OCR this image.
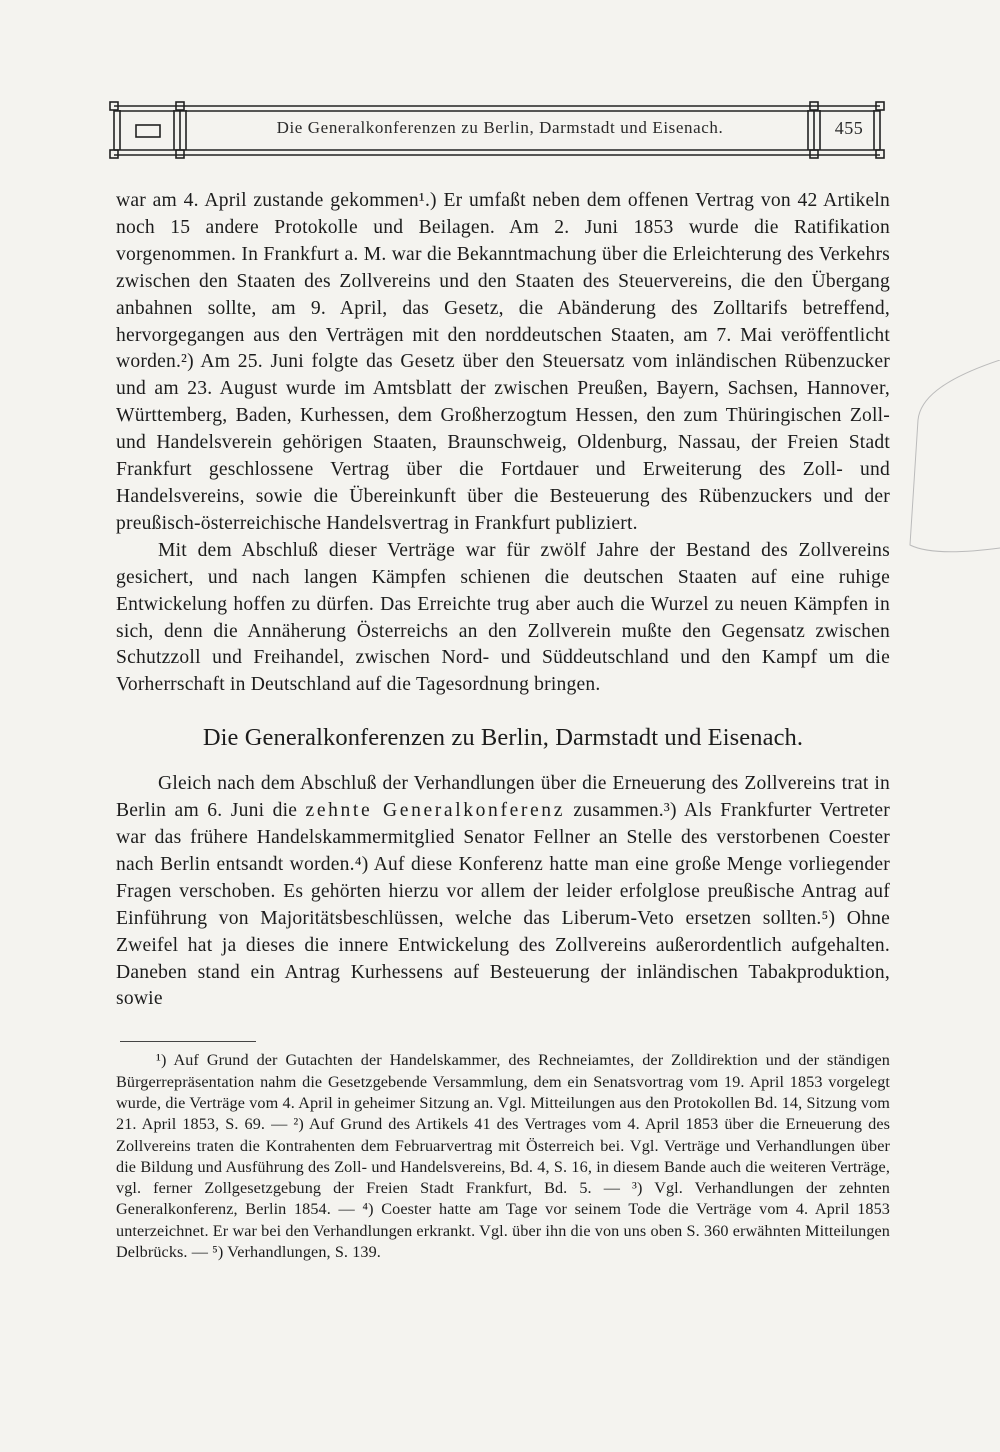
Die Generalkonferenzen zu Berlin, Darmstadt und Eisenach.	455

war am 4. April zustande gekommen¹.) Er umfaßt neben dem offenen Vertrag von 42 Artikeln noch 15 andere Protokolle und Beilagen. Am 2. Juni 1853 wurde die Ratifikation vorgenommen. In Frankfurt a. M. war die Bekanntmachung über die Erleichterung des Verkehrs zwischen den Staaten des Zollvereins und den Staaten des Steuervereins, die den Übergang anbahnen sollte, am 9. April, das Gesetz, die Abänderung des Zolltarifs betreffend, hervorgegangen aus den Verträgen mit den norddeutschen Staaten, am 7. Mai veröffentlicht worden.²) Am 25. Juni folgte das Gesetz über den Steuersatz vom inländischen Rübenzucker und am 23. August wurde im Amtsblatt der zwischen Preußen, Bayern, Sachsen, Hannover, Württemberg, Baden, Kurhessen, dem Großherzogtum Hessen, den zum Thüringischen Zoll- und Handelsverein gehörigen Staaten, Braunschweig, Oldenburg, Nassau, der Freien Stadt Frankfurt geschlossene Vertrag über die Fortdauer und Erweiterung des Zoll- und Handelsvereins, sowie die Übereinkunft über die Besteuerung des Rübenzuckers und der preußisch-österreichische Handelsvertrag in Frankfurt publiziert.

Mit dem Abschluß dieser Verträge war für zwölf Jahre der Bestand des Zollvereins gesichert, und nach langen Kämpfen schienen die deutschen Staaten auf eine ruhige Entwickelung hoffen zu dürfen. Das Erreichte trug aber auch die Wurzel zu neuen Kämpfen in sich, denn die Annäherung Österreichs an den Zollverein mußte den Gegensatz zwischen Schutzzoll und Freihandel, zwischen Nord- und Süddeutschland und den Kampf um die Vorherrschaft in Deutschland auf die Tagesordnung bringen.

Die Generalkonferenzen zu Berlin, Darmstadt und Eisenach.

Gleich nach dem Abschluß der Verhandlungen über die Erneuerung des Zollvereins trat in Berlin am 6. Juni die zehnte Generalkonferenz zusammen.³) Als Frankfurter Vertreter war das frühere Handelskammermitglied Senator Fellner an Stelle des verstorbenen Coester nach Berlin entsandt worden.⁴) Auf diese Konferenz hatte man eine große Menge vorliegender Fragen verschoben. Es gehörten hierzu vor allem der leider erfolglose preußische Antrag auf Einführung von Majoritätsbeschlüssen, welche das Liberum-Veto ersetzen sollten.⁵) Ohne Zweifel hat ja dieses die innere Entwickelung des Zollvereins außerordentlich aufgehalten. Daneben stand ein Antrag Kurhessens auf Besteuerung der inländischen Tabakproduktion, sowie

¹) Auf Grund der Gutachten der Handelskammer, des Rechneiamtes, der Zolldirektion und der ständigen Bürgerrepräsentation nahm die Gesetzgebende Versammlung, dem ein Senatsvortrag vom 19. April 1853 vorgelegt wurde, die Verträge vom 4. April in geheimer Sitzung an. Vgl. Mitteilungen aus den Protokollen Bd. 14, Sitzung vom 21. April 1853, S. 69. — ²) Auf Grund des Artikels 41 des Vertrages vom 4. April 1853 über die Erneuerung des Zollvereins traten die Kontrahenten dem Februarvertrag mit Österreich bei. Vgl. Verträge und Verhandlungen über die Bildung und Ausführung des Zoll- und Handelsvereins, Bd. 4, S. 16, in diesem Bande auch die weiteren Verträge, vgl. ferner Zollgesetzgebung der Freien Stadt Frankfurt, Bd. 5. — ³) Vgl. Verhandlungen der zehnten Generalkonferenz, Berlin 1854. — ⁴) Coester hatte am Tage vor seinem Tode die Verträge vom 4. April 1853 unterzeichnet. Er war bei den Verhandlungen erkrankt. Vgl. über ihn die von uns oben S. 360 erwähnten Mitteilungen Delbrücks. — ⁵) Verhandlungen, S. 139.
